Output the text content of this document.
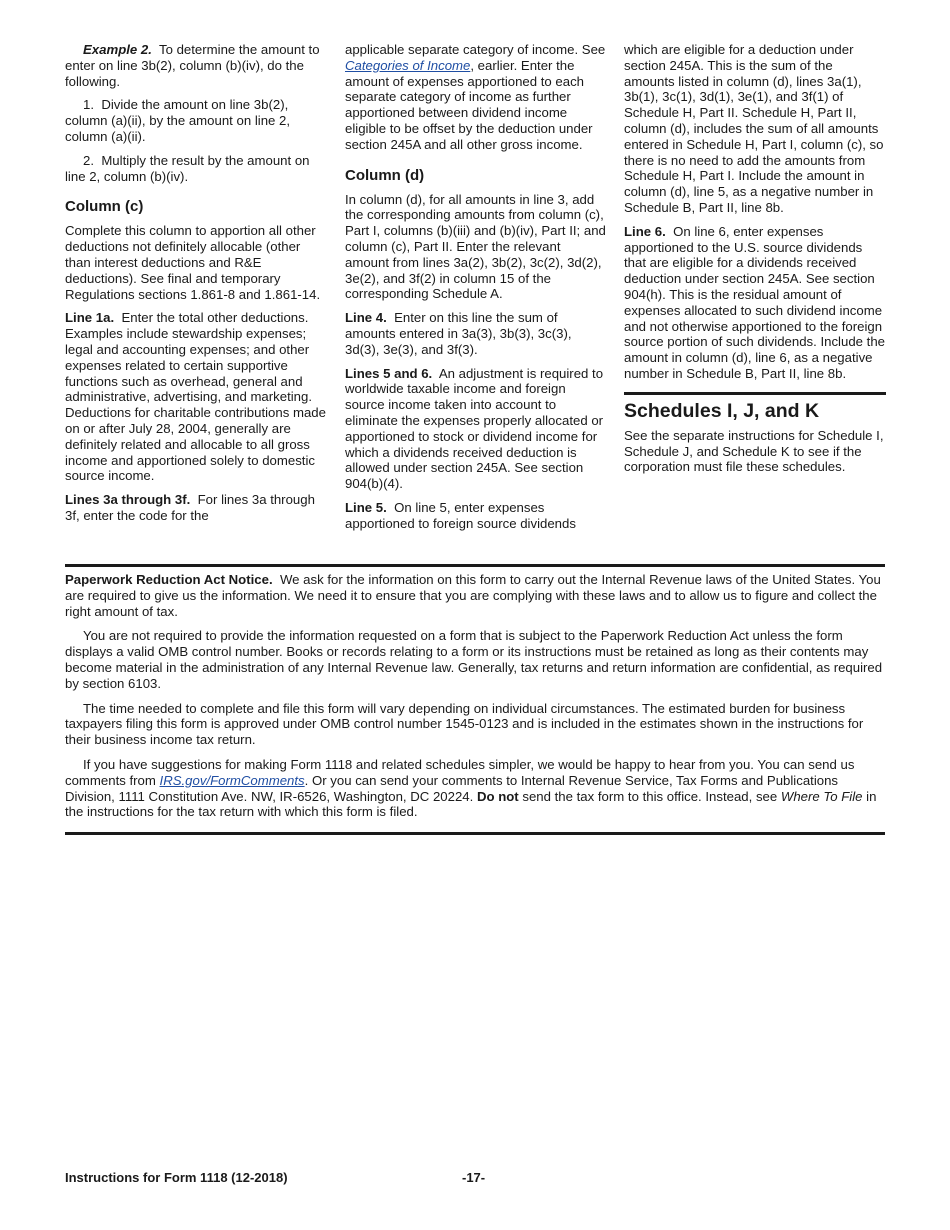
Example 2. To determine the amount to enter on line 3b(2), column (b)(iv), do the following.

1.  Divide the amount on line 3b(2), column (a)(ii), by the amount on line 2, column (a)(ii).

2.  Multiply the result by the amount on line 2, column (b)(iv).

Column (c)

Complete this column to apportion all other deductions not definitely allocable (other than interest deductions and R&E deductions). See final and temporary Regulations sections 1.861-8 and 1.861-14.

Line 1a. Enter the total other deductions. Examples include stewardship expenses; legal and accounting expenses; and other expenses related to certain supportive functions such as overhead, general and administrative, advertising, and marketing. Deductions for charitable contributions made on or after July 28, 2004, generally are definitely related and allocable to all gross income and apportioned solely to domestic source income.

Lines 3a through 3f. For lines 3a through 3f, enter the code for the

applicable separate category of income. See Categories of Income, earlier. Enter the amount of expenses apportioned to each separate category of income as further apportioned between dividend income eligible to be offset by the deduction under section 245A and all other gross income.

Column (d)

In column (d), for all amounts in line 3, add the corresponding amounts from column (c), Part I, columns (b)(iii) and (b)(iv), Part II; and column (c), Part II. Enter the relevant amount from lines 3a(2), 3b(2), 3c(2), 3d(2), 3e(2), and 3f(2) in column 15 of the corresponding Schedule A.

Line 4. Enter on this line the sum of amounts entered in 3a(3), 3b(3), 3c(3), 3d(3), 3e(3), and 3f(3).

Lines 5 and 6. An adjustment is required to worldwide taxable income and foreign source income taken into account to eliminate the expenses properly allocated or apportioned to stock or dividend income for which a dividends received deduction is allowed under section 245A. See section 904(b)(4).

Line 5. On line 5, enter expenses apportioned to foreign source dividends

which are eligible for a deduction under section 245A. This is the sum of the amounts listed in column (d), lines 3a(1), 3b(1), 3c(1), 3d(1), 3e(1), and 3f(1) of Schedule H, Part II. Schedule H, Part II, column (d), includes the sum of all amounts entered in Schedule H, Part I, column (c), so there is no need to add the amounts from Schedule H, Part I. Include the amount in column (d), line 5, as a negative number in Schedule B, Part II, line 8b.

Line 6. On line 6, enter expenses apportioned to the U.S. source dividends that are eligible for a dividends received deduction under section 245A. See section 904(h). This is the residual amount of expenses allocated to such dividend income and not otherwise apportioned to the foreign source portion of such dividends. Include the amount in column (d), line 6, as a negative number in Schedule B, Part II, line 8b.

Schedules I, J, and K

See the separate instructions for Schedule I, Schedule J, and Schedule K to see if the corporation must file these schedules.

Paperwork Reduction Act Notice. We ask for the information on this form to carry out the Internal Revenue laws of the United States. You are required to give us the information. We need it to ensure that you are complying with these laws and to allow us to figure and collect the right amount of tax.

You are not required to provide the information requested on a form that is subject to the Paperwork Reduction Act unless the form displays a valid OMB control number. Books or records relating to a form or its instructions must be retained as long as their contents may become material in the administration of any Internal Revenue law. Generally, tax returns and return information are confidential, as required by section 6103.

The time needed to complete and file this form will vary depending on individual circumstances. The estimated burden for business taxpayers filing this form is approved under OMB control number 1545-0123 and is included in the estimates shown in the instructions for their business income tax return.

If you have suggestions for making Form 1118 and related schedules simpler, we would be happy to hear from you. You can send us comments from IRS.gov/FormComments. Or you can send your comments to Internal Revenue Service, Tax Forms and Publications Division, 1111 Constitution Ave. NW, IR-6526, Washington, DC 20224. Do not send the tax form to this office. Instead, see Where To File in the instructions for the tax return with which this form is filed.

Instructions for Form 1118 (12-2018)	-17-
